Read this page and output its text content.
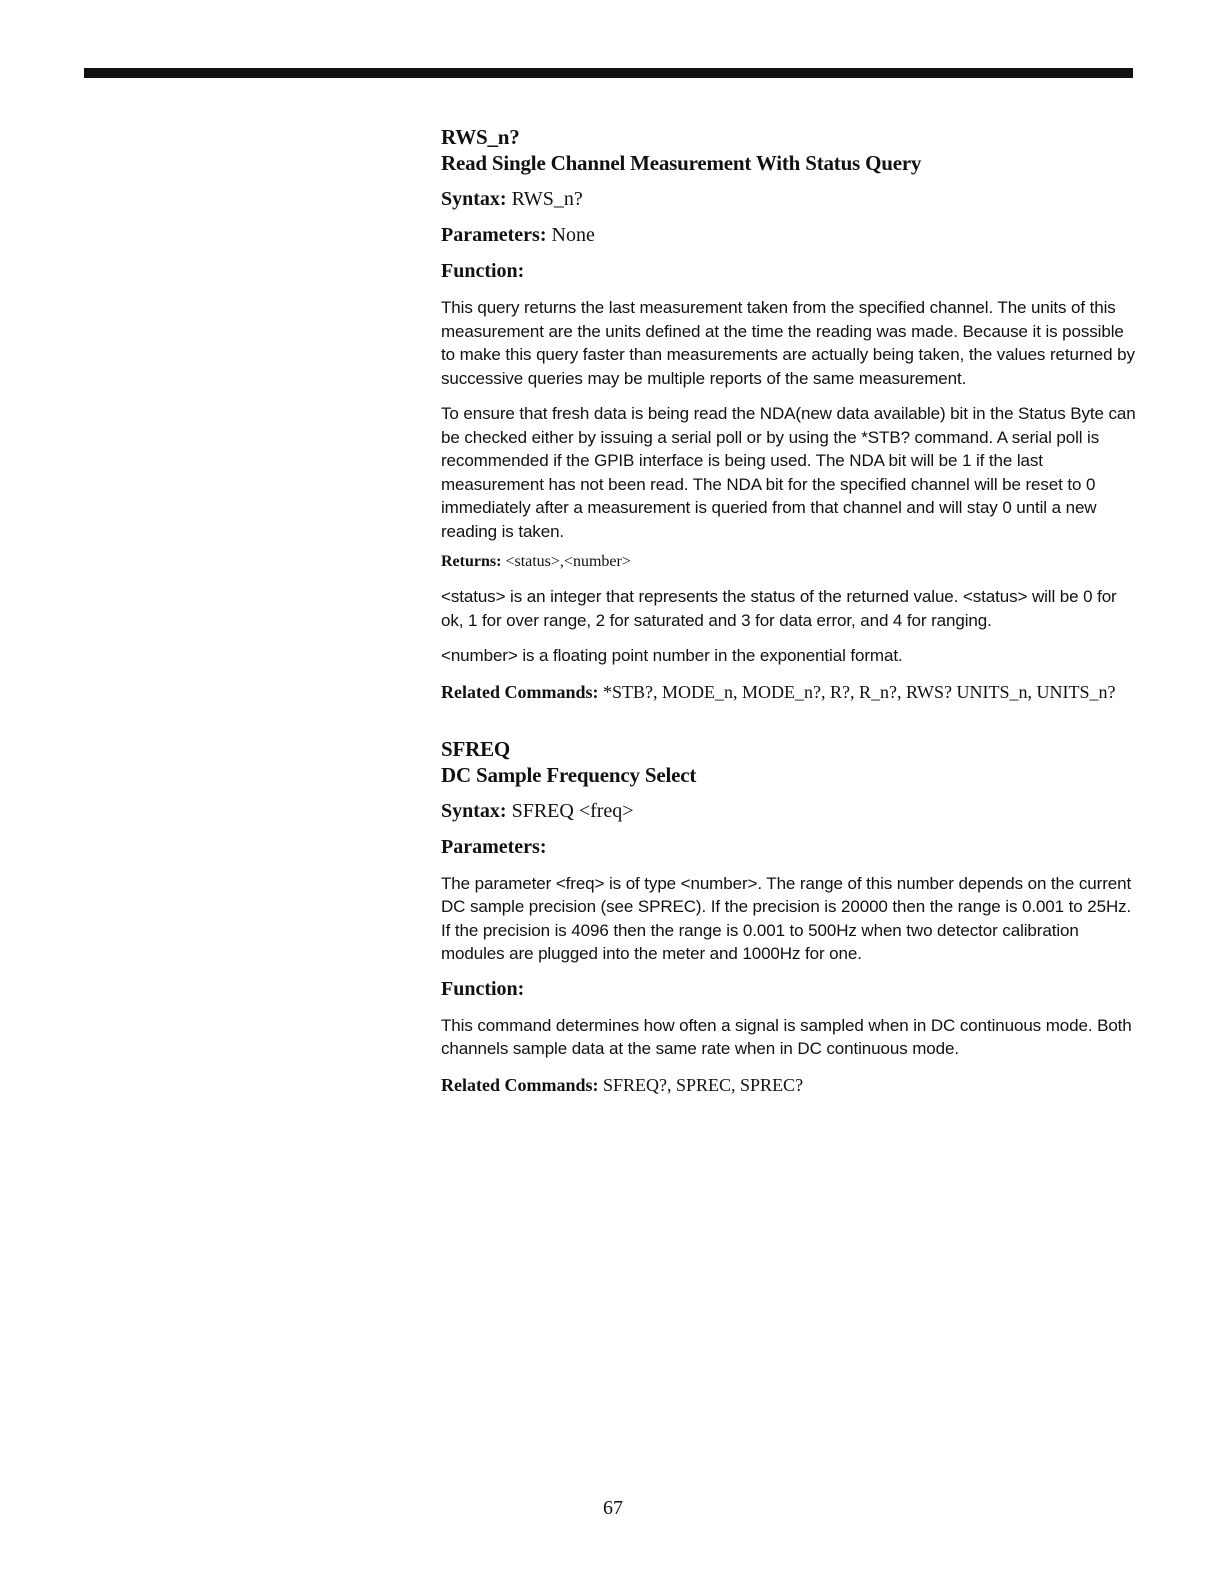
RWS_n?
Read Single Channel Measurement With Status Query
Syntax: RWS_n?
Parameters: None
Function:

This query returns the last measurement taken from the specified channel. The units of this measurement are the units defined at the time the reading was made. Because it is possible to make this query faster than measurements are actually being taken, the values returned by successive queries may be multiple reports of the same measurement.

To ensure that fresh data is being read the NDA(new data available) bit in the Status Byte can be checked either by issuing a serial poll or by using the *STB? command. A serial poll is recommended if the GPIB interface is being used. The NDA bit will be 1 if the last measurement has not been read. The NDA bit for the specified channel will be reset to 0 immediately after a measurement is queried from that channel and will stay 0 until a new reading is taken.

Returns: <status>,<number>

<status> is an integer that represents the status of the returned value. <status> will be 0 for ok, 1 for over range, 2 for saturated and 3 for data error, and 4 for ranging.

<number> is a floating point number in the exponential format.

Related Commands: *STB?, MODE_n, MODE_n?, R?, R_n?, RWS? UNITS_n, UNITS_n?
SFREQ
DC Sample Frequency Select
Syntax: SFREQ <freq>
Parameters:

The parameter <freq> is of type <number>. The range of this number depends on the current DC sample precision (see SPREC). If the precision is 20000 then the range is 0.001 to 25Hz. If the precision is 4096 then the range is 0.001 to 500Hz when two detector calibration modules are plugged into the meter and 1000Hz for one.

Function:

This command determines how often a signal is sampled when in DC continuous mode. Both channels sample data at the same rate when in DC continuous mode.

Related Commands: SFREQ?, SPREC, SPREC?
67
